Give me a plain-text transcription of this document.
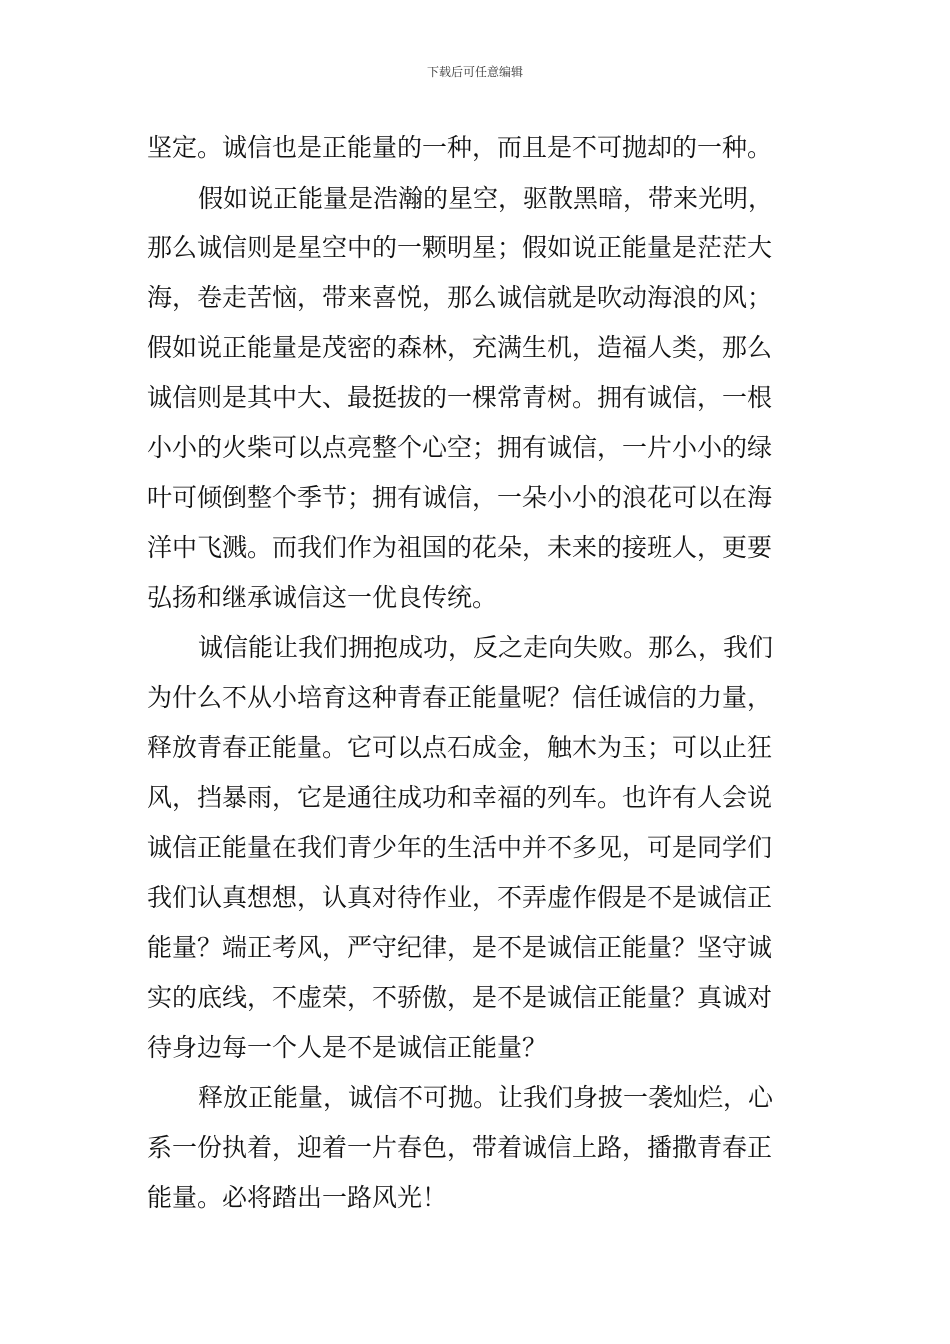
下载后可任意编辑
坚定。诚信也是正能量的一种，而且是不可抛却的一种。
假如说正能量是浩瀚的星空，驱散黑暗，带来光明，
那么诚信则是星空中的一颗明星；假如说正能量是茫茫大
海，卷走苦恼，带来喜悦，那么诚信就是吹动海浪的风；
假如说正能量是茂密的森林，充满生机，造福人类，那么
诚信则是其中大、最挺拔的一棵常青树。拥有诚信，一根
小小的火柴可以点亮整个心空；拥有诚信，一片小小的绿
叶可倾倒整个季节；拥有诚信，一朵小小的浪花可以在海
洋中飞溅。而我们作为祖国的花朵，未来的接班人，更要
弘扬和继承诚信这一优良传统。
诚信能让我们拥抱成功，反之走向失败。那么，我们
为什么不从小培育这种青春正能量呢？信任诚信的力量，
释放青春正能量。它可以点石成金，触木为玉；可以止狂
风，挡暴雨，它是通往成功和幸福的列车。也许有人会说
诚信正能量在我们青少年的生活中并不多见，可是同学们
我们认真想想，认真对待作业，不弄虚作假是不是诚信正
能量？端正考风，严守纪律，是不是诚信正能量？坚守诚
实的底线，不虚荣，不骄傲，是不是诚信正能量？真诚对
待身边每一个人是不是诚信正能量？
释放正能量，诚信不可抛。让我们身披一袭灿烂，心
系一份执着，迎着一片春色，带着诚信上路，播撒青春正
能量。必将踏出一路风光！
